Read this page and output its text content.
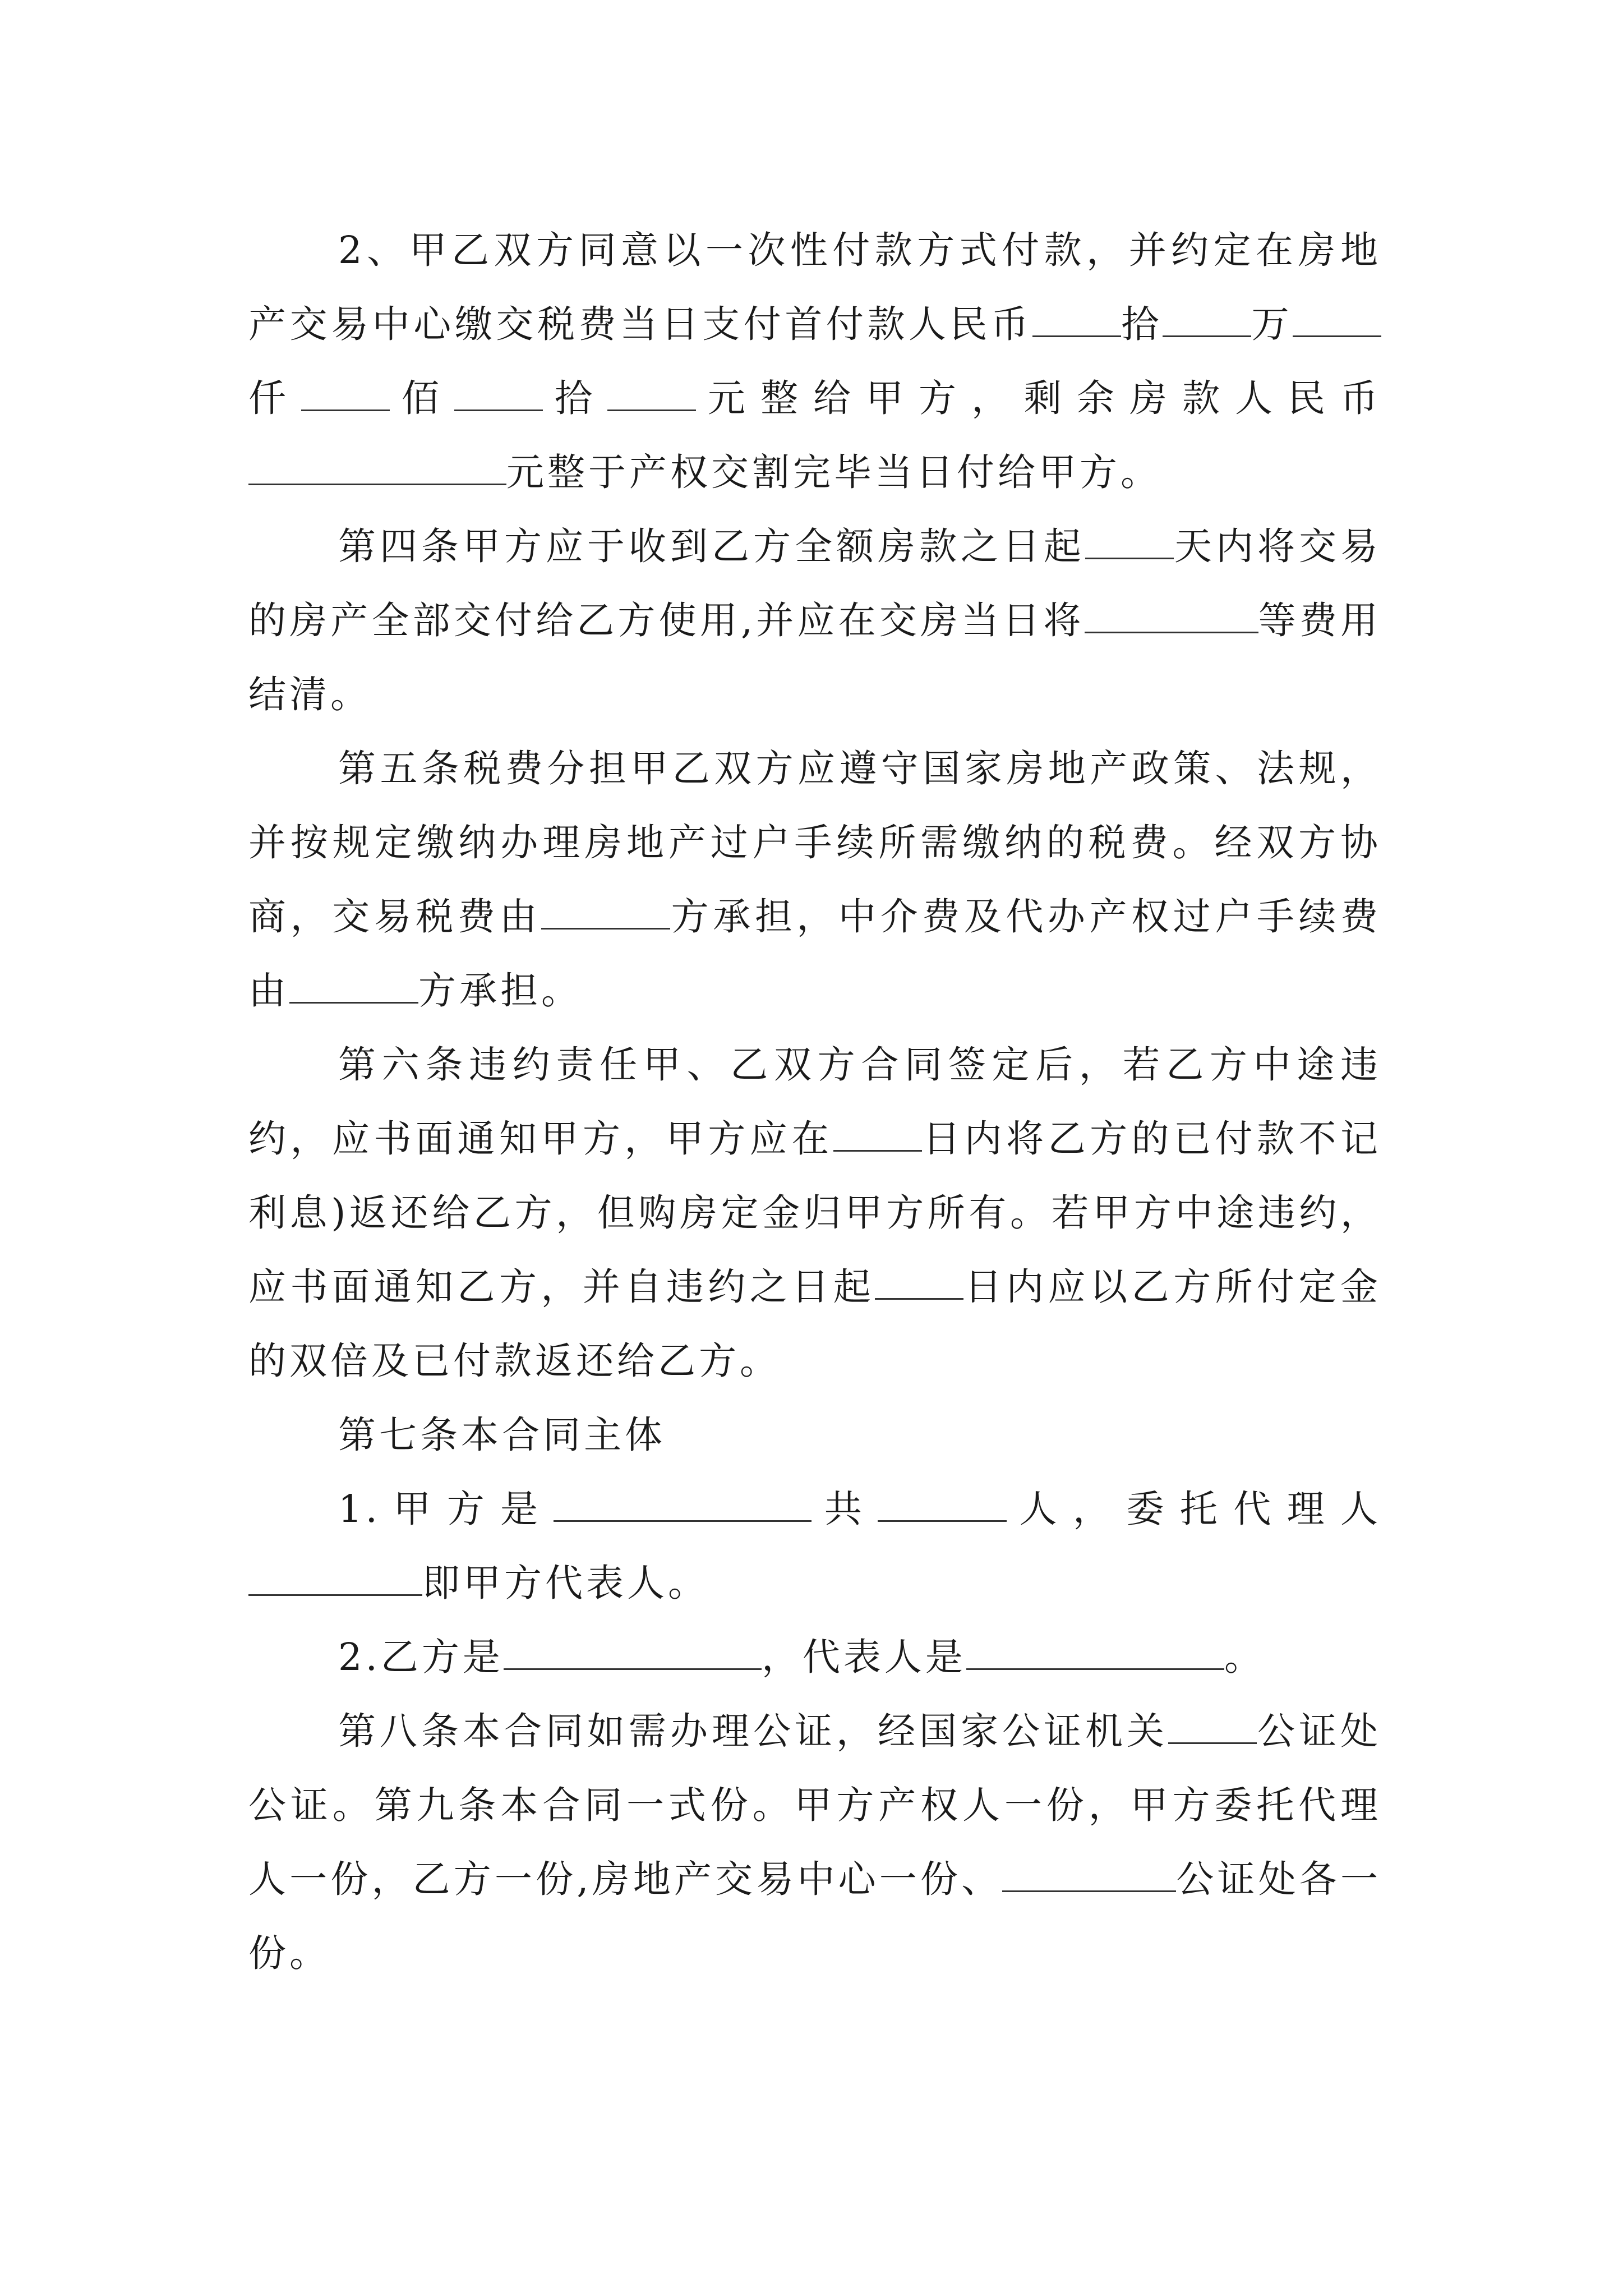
2、甲乙双方同意以一次性付款方式付款，并约定在房地产交易中心缴交税费当日支付首付款人民币 拾 万仟 佰 拾 元整给甲方，剩余房款人民币元整于产权交割完毕当日付给甲方。

第四条甲方应于收到乙方全额房款之日起 天内将交易的房产全部交付给乙方使用,并应在交房当日将	等费用结清。

第五条税费分担甲乙双方应遵守国家房地产政策、法规，并按规定缴纳办理房地产过户手续所需缴纳的税费。经双方协商，交易税费由	方承担，中介费及代办产权过户手续费由	方承担。

第六条违约责任甲、乙双方合同签定后，若乙方中途违约，应书面通知甲方，甲方应在 日内将乙方的已付款不记利息)返还给乙方，但购房定金归甲方所有。若甲方中途违约，应书面通知乙方，并自违约之日起 日内应以乙方所付定金的双倍及已付款返还给乙方。

第七条本合同主体

1.甲方是	共	人，委托代理人即甲方代表人。

2.乙方是	，代表人是	。

第八条本合同如需办理公证，经国家公证机关 公证处公证。第九条本合同一式份。甲方产权人一份，甲方委托代理人一份，乙方一份,房地产交易中心一份、	公证处各一份。
